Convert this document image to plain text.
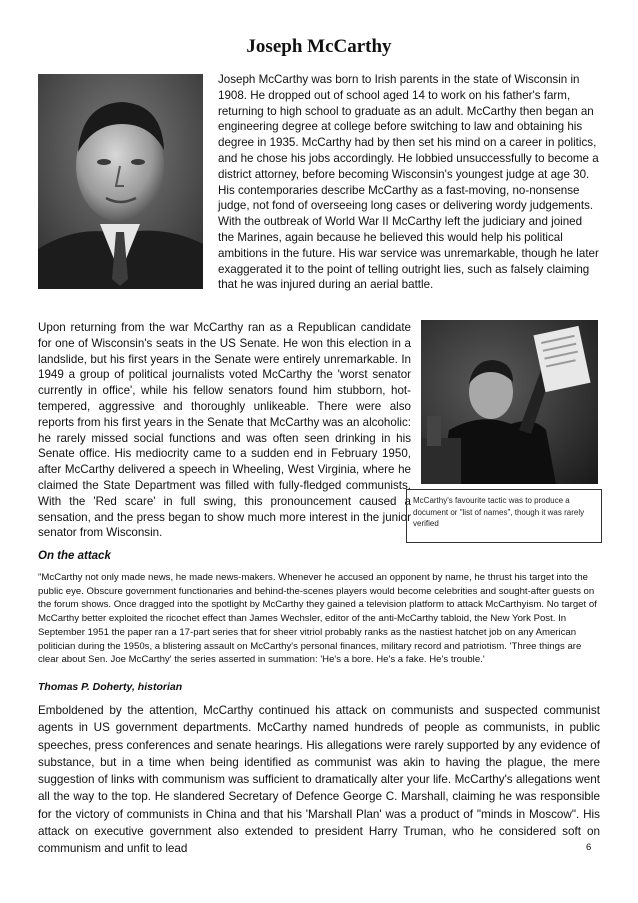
Joseph McCarthy

Joseph McCarthy was born to Irish parents in the state of Wisconsin in 1908. He dropped out of school aged 14 to work on his father's farm, returning to high school to graduate as an adult. McCarthy then began an engineering degree at college before switching to law and obtaining his degree in 1935. McCarthy had by then set his mind on a career in politics, and he chose his jobs accordingly. He lobbied unsuccessfully to become a district attorney, before becoming Wisconsin's youngest judge at age 30. His contemporaries describe McCarthy as a fast-moving, no-nonsense judge, not fond of overseeing long cases or delivering wordy judgements. With the outbreak of World War II McCarthy left the judiciary and joined the Marines, again because he believed this would help his political ambitions in the future. His war service was unremarkable, though he later exaggerated it to the point of telling outright lies, such as falsely claiming that he was injured during an aerial battle.

Upon returning from the war McCarthy ran as a Republican candidate for one of Wisconsin's seats in the US Senate. He won this election in a landslide, but his first years in the Senate were entirely unremarkable. In 1949 a group of political journalists voted McCarthy the 'worst senator currently in office', while his fellow senators found him stubborn, hot-tempered, aggressive and thoroughly unlikeable. There were also reports from his first years in the Senate that McCarthy was an alcoholic: he rarely missed social functions and was often seen drinking in his Senate office. His mediocrity came to a sudden end in February 1950, after McCarthy delivered a speech in Wheeling, West Virginia, where he claimed the State Department was filled with fully-fledged communists. With the 'Red scare' in full swing, this pronouncement caused a sensation, and the press began to show much more interest in the junior senator from Wisconsin.

McCarthy's favourite tactic was to produce a document or "list of names", though it was rarely verified
On the attack

"McCarthy not only made news, he made news-makers. Whenever he accused an opponent by name, he thrust his target into the public eye. Obscure government functionaries and behind-the-scenes players would become celebrities and sought-after guests on the forum shows. Once dragged into the spotlight by McCarthy they gained a television platform to attack McCarthyism. No target of McCarthy better exploited the ricochet effect than James Wechsler, editor of the anti-McCarthy tabloid, the New York Post. In September 1951 the paper ran a 17-part series that for sheer vitriol probably ranks as the nastiest hatchet job on any American politician during the 1950s, a blistering assault on McCarthy's personal finances, military record and patriotism. 'Three things are clear about Sen. Joe McCarthy' the series asserted in summation: 'He's a bore. He's a fake. He's trouble.'

Thomas P. Doherty, historian

Emboldened by the attention, McCarthy continued his attack on communists and suspected communist agents in US government departments. McCarthy named hundreds of people as communists, in public speeches, press conferences and senate hearings. His allegations were rarely supported by any evidence of substance, but in a time when being identified as communist was akin to having the plague, the mere suggestion of links with communism was sufficient to dramatically alter your life. McCarthy's allegations went all the way to the top. He slandered Secretary of Defence George C. Marshall, claiming he was responsible for the victory of communists in China and that his 'Marshall Plan' was a product of "minds in Moscow". His attack on executive government also extended to president Harry Truman, who he considered soft on communism and unfit to lead	6
